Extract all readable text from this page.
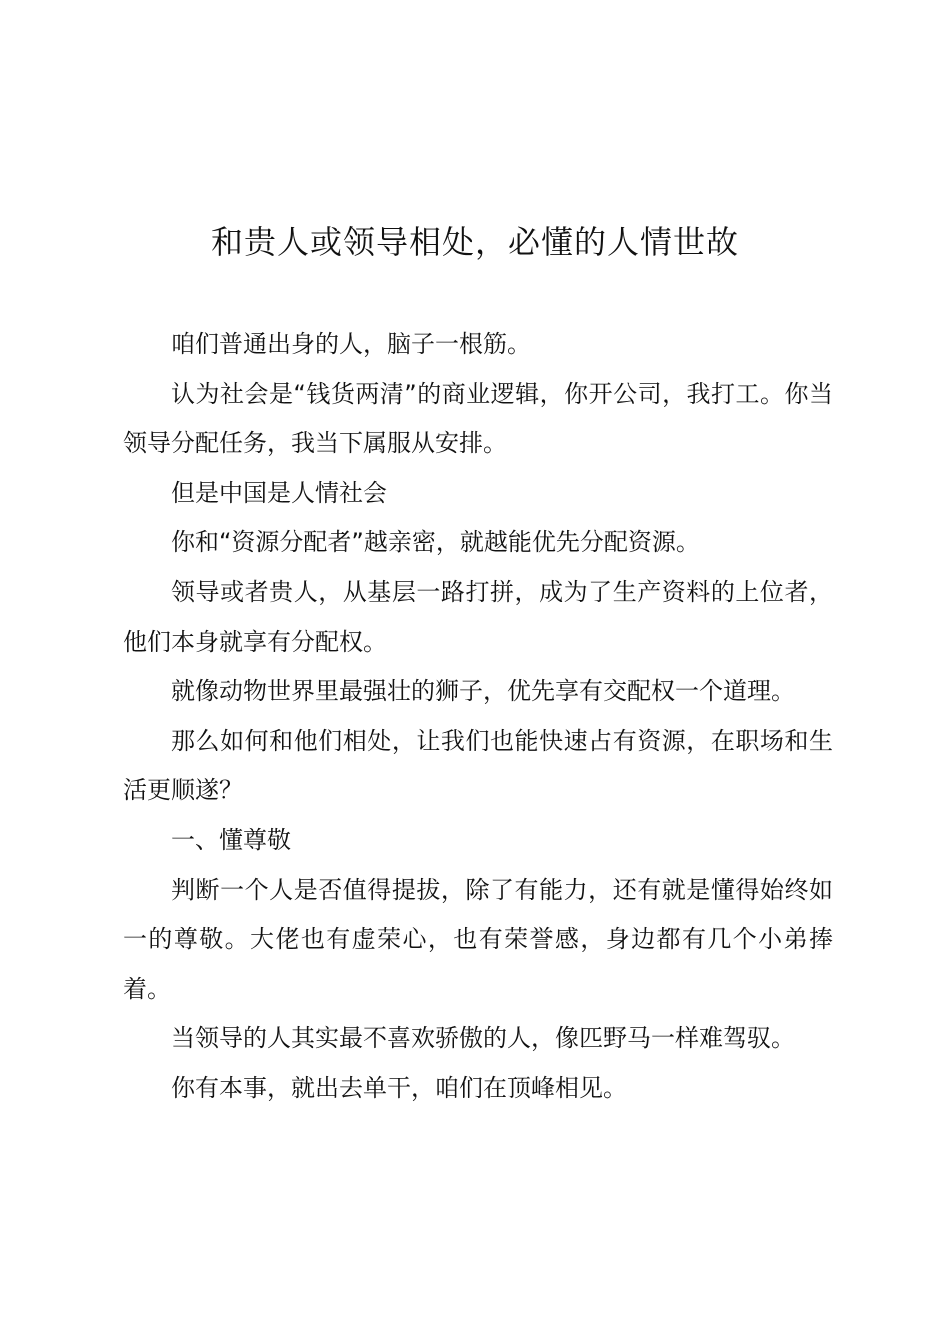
和贵人或领导相处，必懂的人情世故

咱们普通出身的人，脑子一根筋。

认为社会是“钱货两清”的商业逻辑，你开公司，我打工。你当领导分配任务，我当下属服从安排。

但是中国是人情社会

你和“资源分配者”越亲密，就越能优先分配资源。

领导或者贵人，从基层一路打拼，成为了生产资料的上位者，他们本身就享有分配权。

就像动物世界里最强壮的狮子，优先享有交配权一个道理。

那么如何和他们相处，让我们也能快速占有资源，在职场和生活更顺遂？

一、懂尊敬

判断一个人是否值得提拔，除了有能力，还有就是懂得始终如一的尊敬。大佬也有虚荣心，也有荣誉感，身边都有几个小弟捧着。

当领导的人其实最不喜欢骄傲的人，像匹野马一样难驾驭。

你有本事，就出去单干，咱们在顶峰相见。
